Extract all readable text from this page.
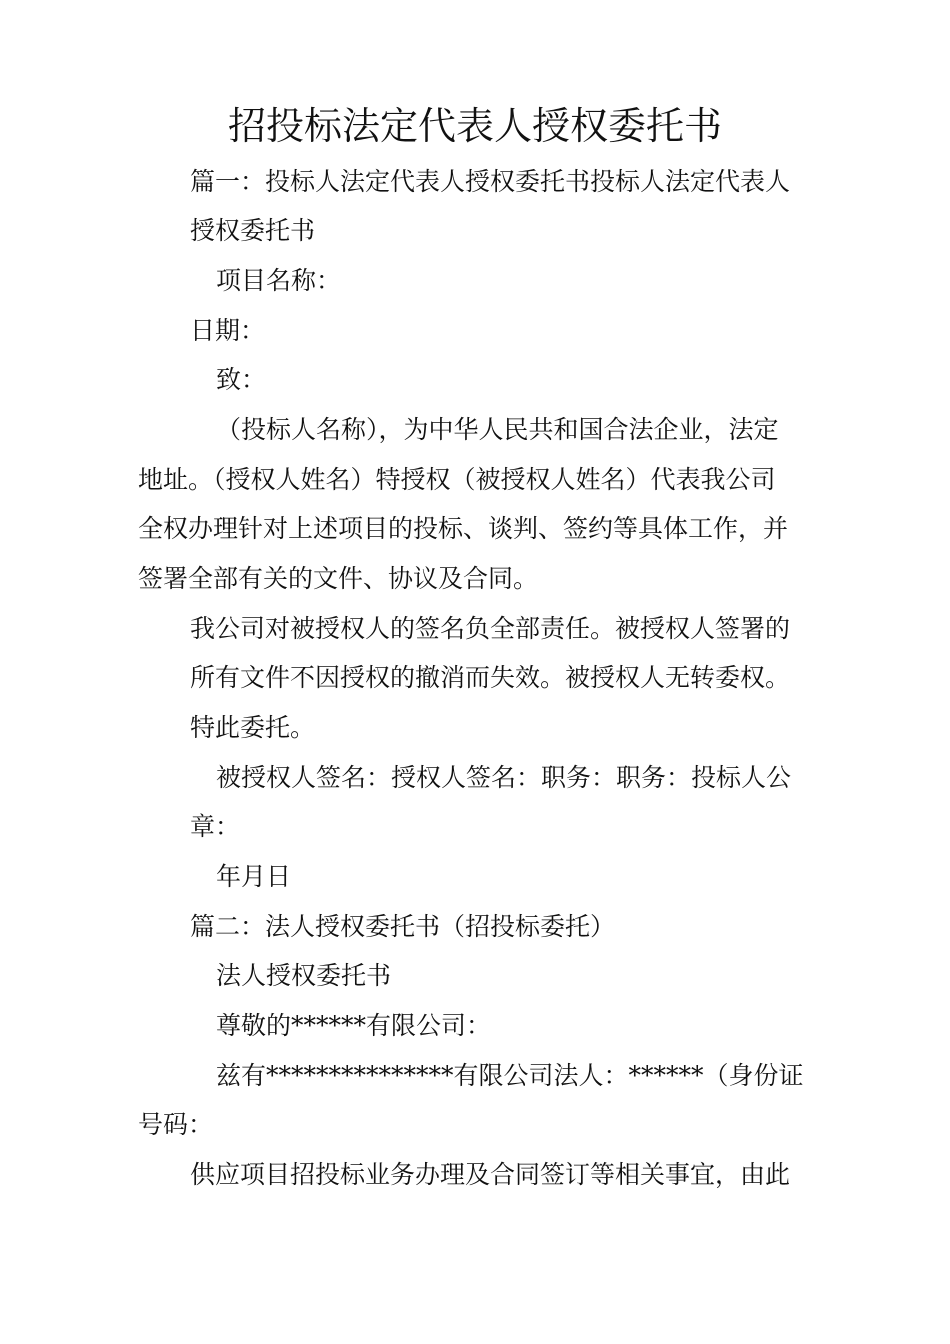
招投标法定代表人授权委托书

篇一：投标人法定代表人授权委托书投标人法定代表人

授权委托书

项目名称：

日期：

致：

（投标人名称），为中华人民共和国合法企业，法定

地址。（授权人姓名）特授权（被授权人姓名）代表我公司

全权办理针对上述项目的投标、谈判、签约等具体工作，并

签署全部有关的文件、协议及合同。

我公司对被授权人的签名负全部责任。被授权人签署的

所有文件不因授权的撤消而失效。被授权人无转委权。

特此委托。

被授权人签名：授权人签名：职务：职务：投标人公

章：

年月日

篇二：法人授权委托书（招投标委托）

法人授权委托书

尊敬的******有限公司：

兹有***************有限公司法人：******（身份证

号码：

供应项目招投标业务办理及合同签订等相关事宜，由此
